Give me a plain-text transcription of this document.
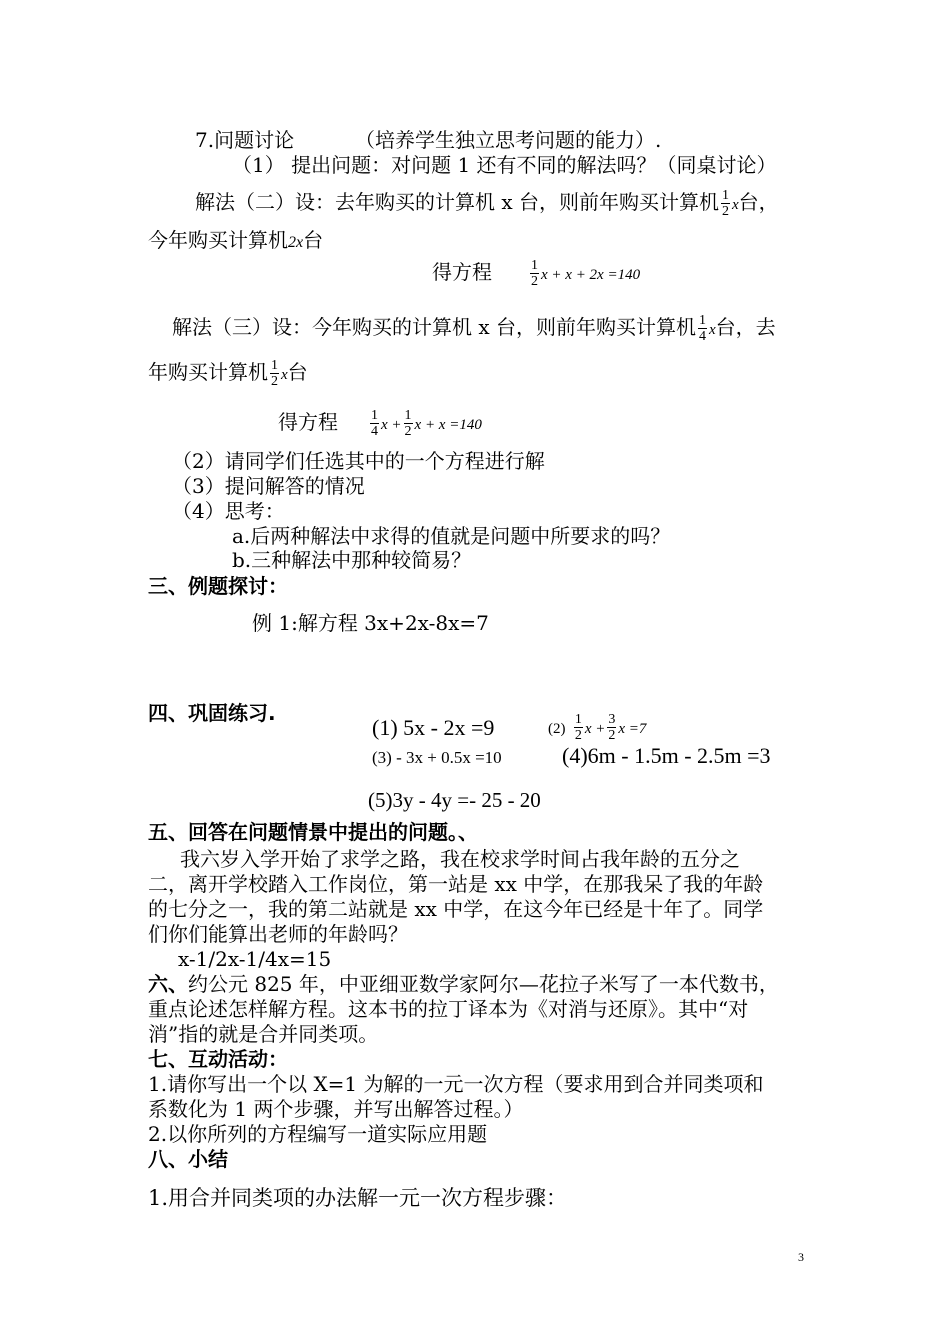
7.问题讨论	（培养学生独立思考问题的能力）.
（1） 提出问题：对问题 1 还有不同的解法吗？（同桌讨论）
解法（二）设：去年购买的计算机 x 台，则前年购买计算机 $\frac{1}{2}$ x台，
今年购买计算机2x台
得方程	$\frac{1}{2}$ x + x + 2x =140
解法（三）设：今年购买的计算机 x 台，则前年购买计算机 $\frac{1}{4}$ x台，去
年购买计算机 $\frac{1}{2}$ x台
得方程 $\frac{1}{4}$ $x + \frac{1}{2}$ x + x =140
（2）请同学们任选其中的一个方程进行解
（3）提问解答的情况
（4）思考：
a.后两种解法中求得的值就是问题中所要求的吗？
b.三种解法中那种较简易？
三、例题探讨：
例 1:解方程 3x+2x-8x=7
四、巩固练习.
(1) 5x - 2x =9	$(2) \frac{1}{2}$ $x + \frac{3}{2}$ x =7
(3) - 3x + 0.5x =10	(4)6m - 1.5m - 2.5m =3
(5)3y - 4y =- 25 - 20
五、回答在问题情景中提出的问题。、
我六岁入学开始了求学之路，我在校求学时间占我年龄的五分之
二，离开学校踏入工作岗位，第一站是 xx 中学，在那我呆了我的年龄
的七分之一，我的第二站就是 xx 中学，在这今年已经是十年了。同学
们你们能算出老师的年龄吗？
x-1/2x-1/4x=15
六、约公元 825 年，中亚细亚数学家阿尔—花拉子米写了一本代数书，
重点论述怎样解方程。这本书的拉丁译本为《对消与还原》。其中“对
消”指的就是合并同类项。
七、互动活动：
1.请你写出一个以 X=1 为解的一元一次方程（要求用到合并同类项和
系数化为 1 两个步骤，并写出解答过程。）
2.以你所列的方程编写一道实际应用题
八、小结
1.用合并同类项的办法解一元一次方程步骤：
3
